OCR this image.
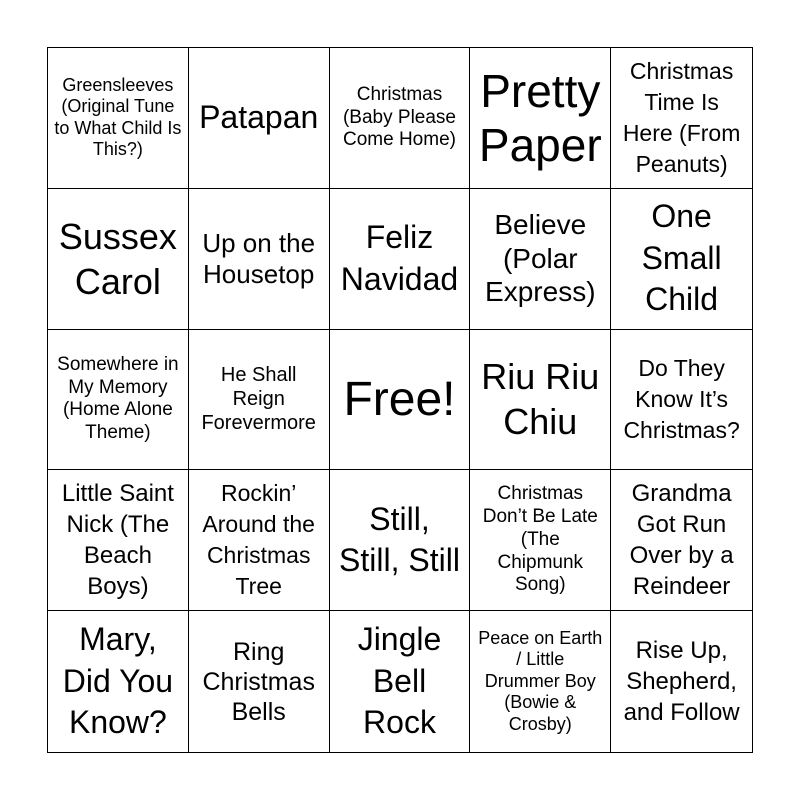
Greensleeves (Original Tune to What Child Is This?)
Patapan
Christmas (Baby Please Come Home)
Pretty Paper
Christmas Time Is Here (From Peanuts)
Sussex Carol
Up on the Housetop
Feliz Navidad
Believe (Polar Express)
One Small Child
Somewhere in My Memory (Home Alone Theme)
He Shall Reign Forevermore Free! Riu Riu Chiu
Do They Know It’s Christmas?
Little Saint Nick (The Beach Boys)
Rockin’ Around the Christmas Tree
Still, Still, Still
Christmas Don’t Be Late (The Chipmunk Song)
Grandma Got Run Over by a Reindeer
Mary, Did You Know?
Ring Christmas Bells
Jingle Bell Rock
Peace on Earth / Little Drummer Boy (Bowie & Crosby)
Rise Up, Shepherd, and Follow
